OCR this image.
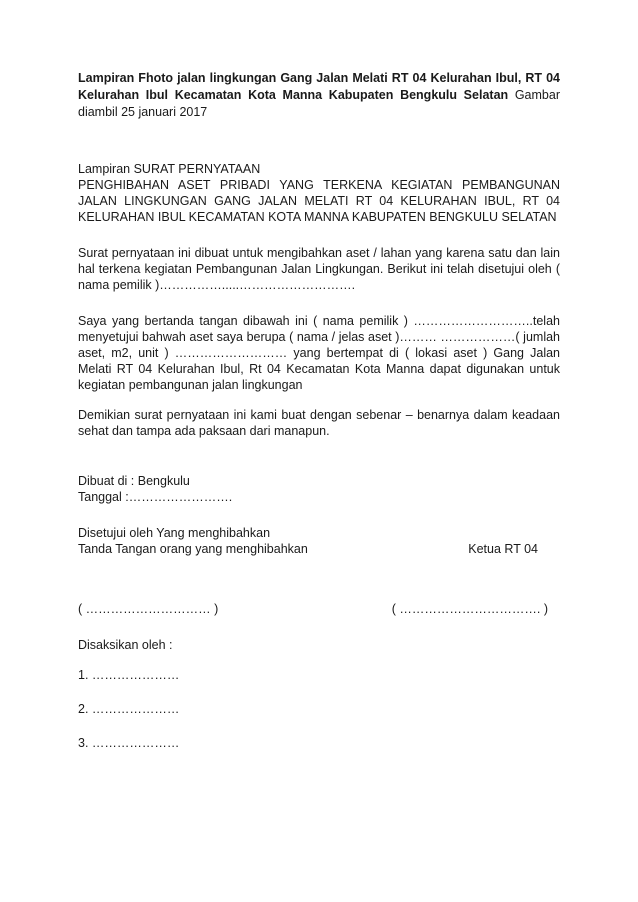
Lampiran Fhoto jalan lingkungan Gang Jalan Melati RT 04 Kelurahan Ibul, RT 04 Kelurahan Ibul Kecamatan Kota Manna Kabupaten Bengkulu Selatan Gambar diambil 25 januari 2017

Lampiran SURAT PERNYATAAN

PENGHIBAHAN ASET PRIBADI YANG TERKENA KEGIATAN PEMBANGUNAN JALAN LINGKUNGAN GANG JALAN MELATI RT 04 KELURAHAN IBUL, RT 04 KELURAHAN IBUL KECAMATAN KOTA MANNA KABUPATEN BENGKULU SELATAN

Surat pernyataan ini dibuat untuk mengibahkan aset / lahan yang karena satu dan lain hal terkena kegiatan Pembangunan Jalan Lingkungan. Berikut ini telah disetujui oleh ( nama pemilik )…………….....……………………….

Saya yang bertanda tangan dibawah ini ( nama pemilik ) ………………………..telah menyetujui bahwah aset saya berupa ( nama / jelas aset )……… ………………( jumlah aset, m2, unit ) ……………………… yang bertempat di ( lokasi aset ) Gang Jalan Melati RT 04 Kelurahan Ibul, Rt 04 Kecamatan Kota Manna dapat digunakan untuk kegiatan pembangunan jalan lingkungan

Demikian surat pernyataan ini kami buat dengan sebenar – benarnya dalam keadaan sehat dan tampa ada paksaan dari manapun.

Dibuat di : Bengkulu

Tanggal :…………………….

Disetujui oleh Yang menghibahkan

Tanda Tangan orang yang menghibahkan	Ketua RT 04
( ………………………… )	( ……………………………. )

Disaksikan oleh :

1. …………………

2. …………………

3. …………………
